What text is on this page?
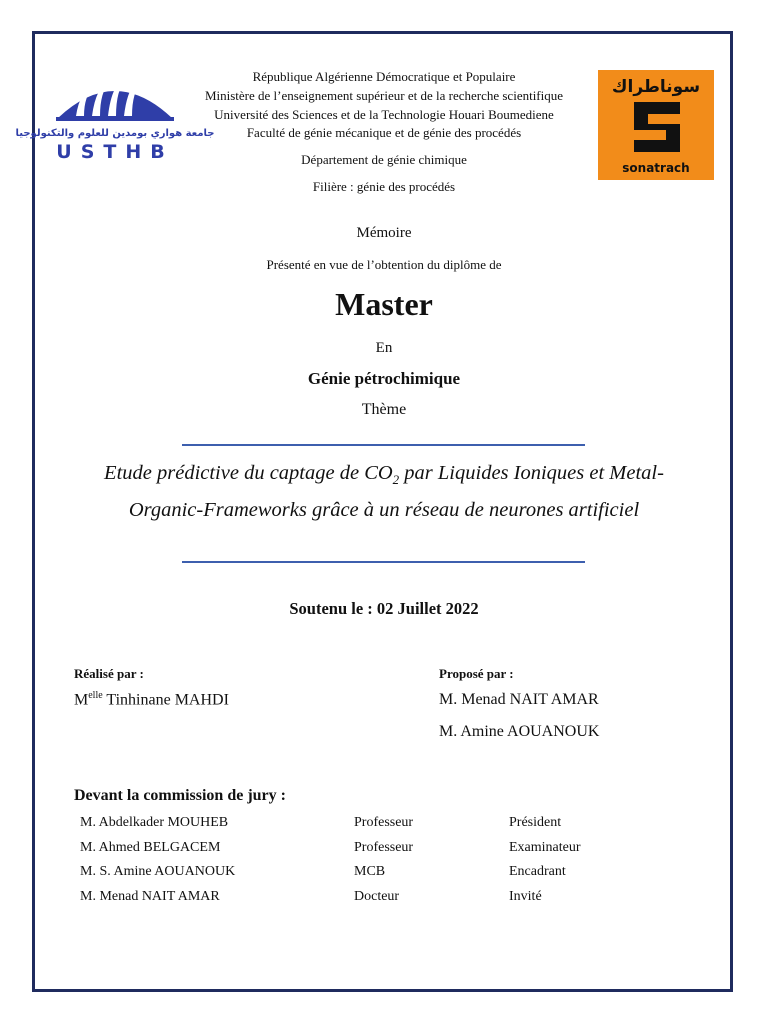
جامعة هواري بومدين للعلوم والتكنولوجيا
USTHB
سوناطراك
sonatrach
République Algérienne Démocratique et Populaire
Ministère de l’enseignement supérieur et de la recherche scientifique
Université des Sciences et de la Technologie Houari Boumediene
Faculté de génie mécanique et de génie des procédés
Département de génie chimique
Filière : génie des procédés
Mémoire
Présenté en vue de l’obtention du diplôme de
Master
En
Génie pétrochimique
Thème
Etude prédictive du captage de $CO_2$ par Liquides Ioniques et Metal-Organic-Frameworks grâce à un réseau de neurones artificiel
Soutenu le : 02 Juillet 2022
Réalisé par :
$M^{elle}$ Tinhinane MAHDI
Proposé par :
M. Menad NAIT AMAR
M. Amine AOUANOUK
Devant la commission de jury :
M. Abdelkader MOUHEB	Professeur	Président
M. Ahmed BELGACEM	Professeur	Examinateur
M. S. Amine AOUANOUK	MCB	Encadrant
M. Menad NAIT AMAR	Docteur	Invité
